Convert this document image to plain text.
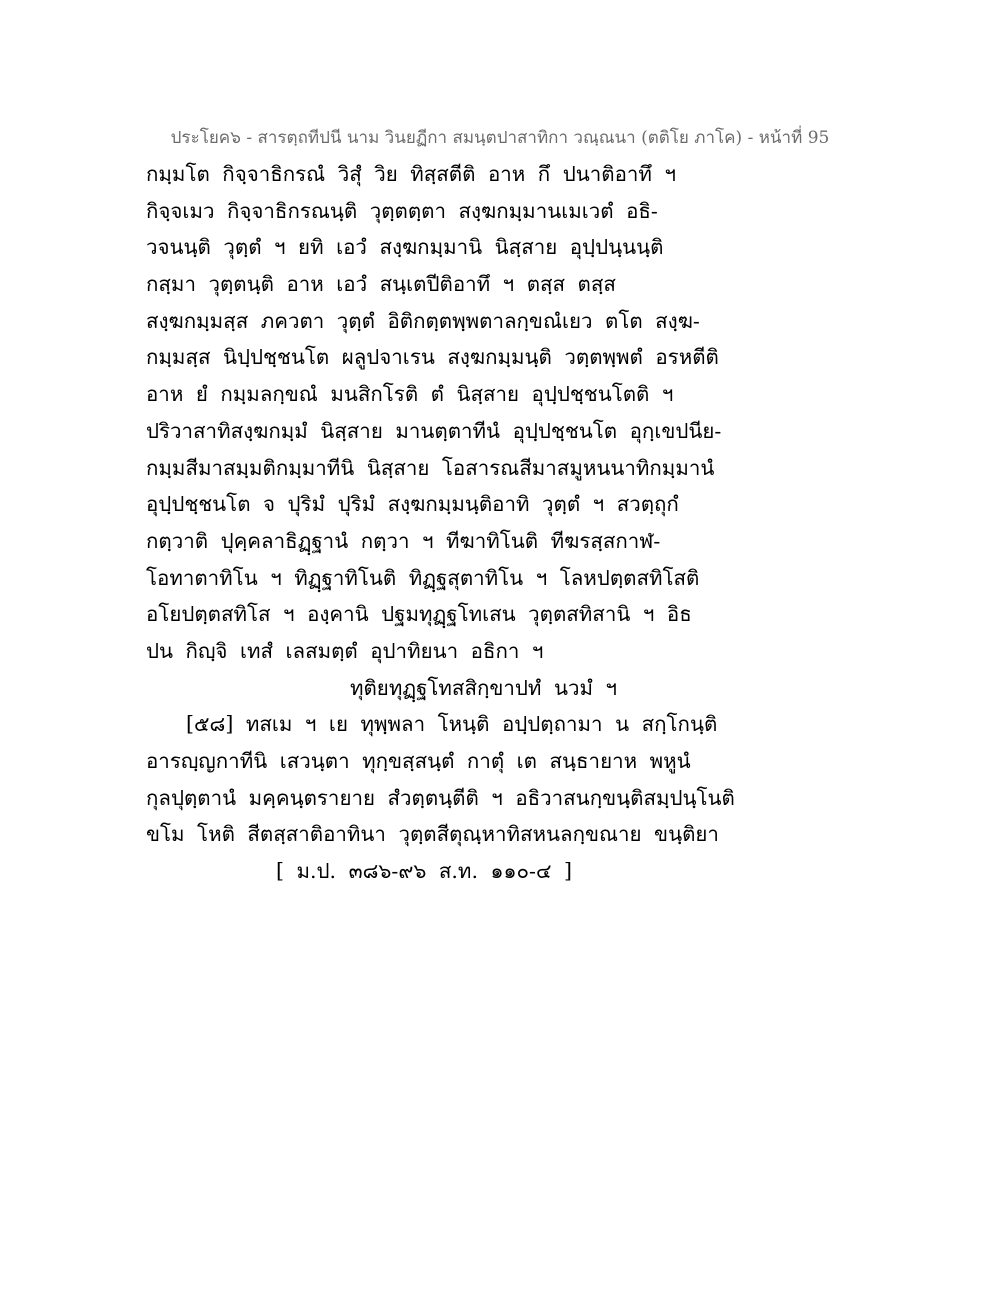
ประโยค๖ - สารตฺถทีปนี นาม วินยฏีกา สมนฺตปาสาทิกา วณฺณนา (ตติโย ภาโค) - หน้าที่ 95
กมฺมโต กิจฺจาธิกรณํ วิสุํ วิย ทิสฺสตีติ อาห กึ ปนาติอาทึ ฯ
กิจฺจเมว กิจฺจาธิกรณนฺติ วุตฺตตฺตา สงฺฆกมฺมานเมเวตํ อธิ-
วจนนฺติ วุตฺตํ ฯ ยทิ เอวํ สงฺฆกมฺมานิ นิสฺสาย อุปฺปนฺนนฺติ
กสฺมา วุตฺตนฺติ อาห เอวํ สนฺเตปีติอาทึ ฯ ตสฺส ตสฺส
สงฺฆกมฺมสฺส ภควตา วุตฺตํ อิติกตฺตพฺพตาลกฺขณํเยว ตโต สงฺฆ-
กมฺมสฺส นิปฺปชฺชนโต ผลูปจาเรน สงฺฆกมฺมนฺติ วตฺตพฺพตํ อรหตีติ
อาห ยํ กมฺมลกฺขณํ มนสิกโรติ ตํ นิสฺสาย อุปฺปชฺชนโตติ ฯ
ปริวาสาทิสงฺฆกมฺมํ นิสฺสาย มานตฺตาทีนํ อุปฺปชฺชนโต อุกฺเขปนีย-
กมฺมสีมาสมฺมติกมฺมาทีนิ นิสฺสาย โอสารณสีมาสมูหนนาทิกมฺมานํ
อุปฺปชฺชนโต จ ปุริมํ ปุริมํ สงฺฆกมฺมนฺติอาทิ วุตฺตํ ฯ สวตฺถุกํ
กตฺวาติ ปุคฺคลาธิฏฺฐานํ กตฺวา ฯ ทีฆาทิโนติ ทีฆรสฺสกาฬ-
โอทาตาทิโน ฯ ทิฏฺฐาทิโนติ ทิฏฺฐสุตาทิโน ฯ โลหปตฺตสทิโสติ
อโยปตฺตสทิโส ฯ องฺคานิ ปฐมทุฏฺฐโทเสน วุตฺตสทิสานิ ฯ อิธ
ปน กิญฺจิ เทสํ เลสมตฺตํ อุปาทิยนา อธิกา ฯ
ทุติยทุฏฺฐโทสสิกฺขาปทํ นวมํ ฯ
[๕๘] ทสเม ฯ เย ทุพฺพลา โหนฺติ อปฺปตฺถามา น สกฺโกนฺติ
อารญฺญกาทีนิ เสวนฺตา ทุกฺขสฺสนฺตํ กาตุํ เต สนฺธายาห พหูนํ
กุลปุตฺตานํ มคฺคนฺตรายาย สํวตฺตนฺตีติ ฯ อธิวาสนกฺขนฺติสมฺปนฺโนติ
ขโม โหติ สีตสฺสาติอาทินา วุตฺตสีตุณฺหาทิสหนลกฺขณาย ขนฺติยา
[ ม.ป. ๓๘๖-๙๖ ส.ท. ๑๑๐-๔ ]
